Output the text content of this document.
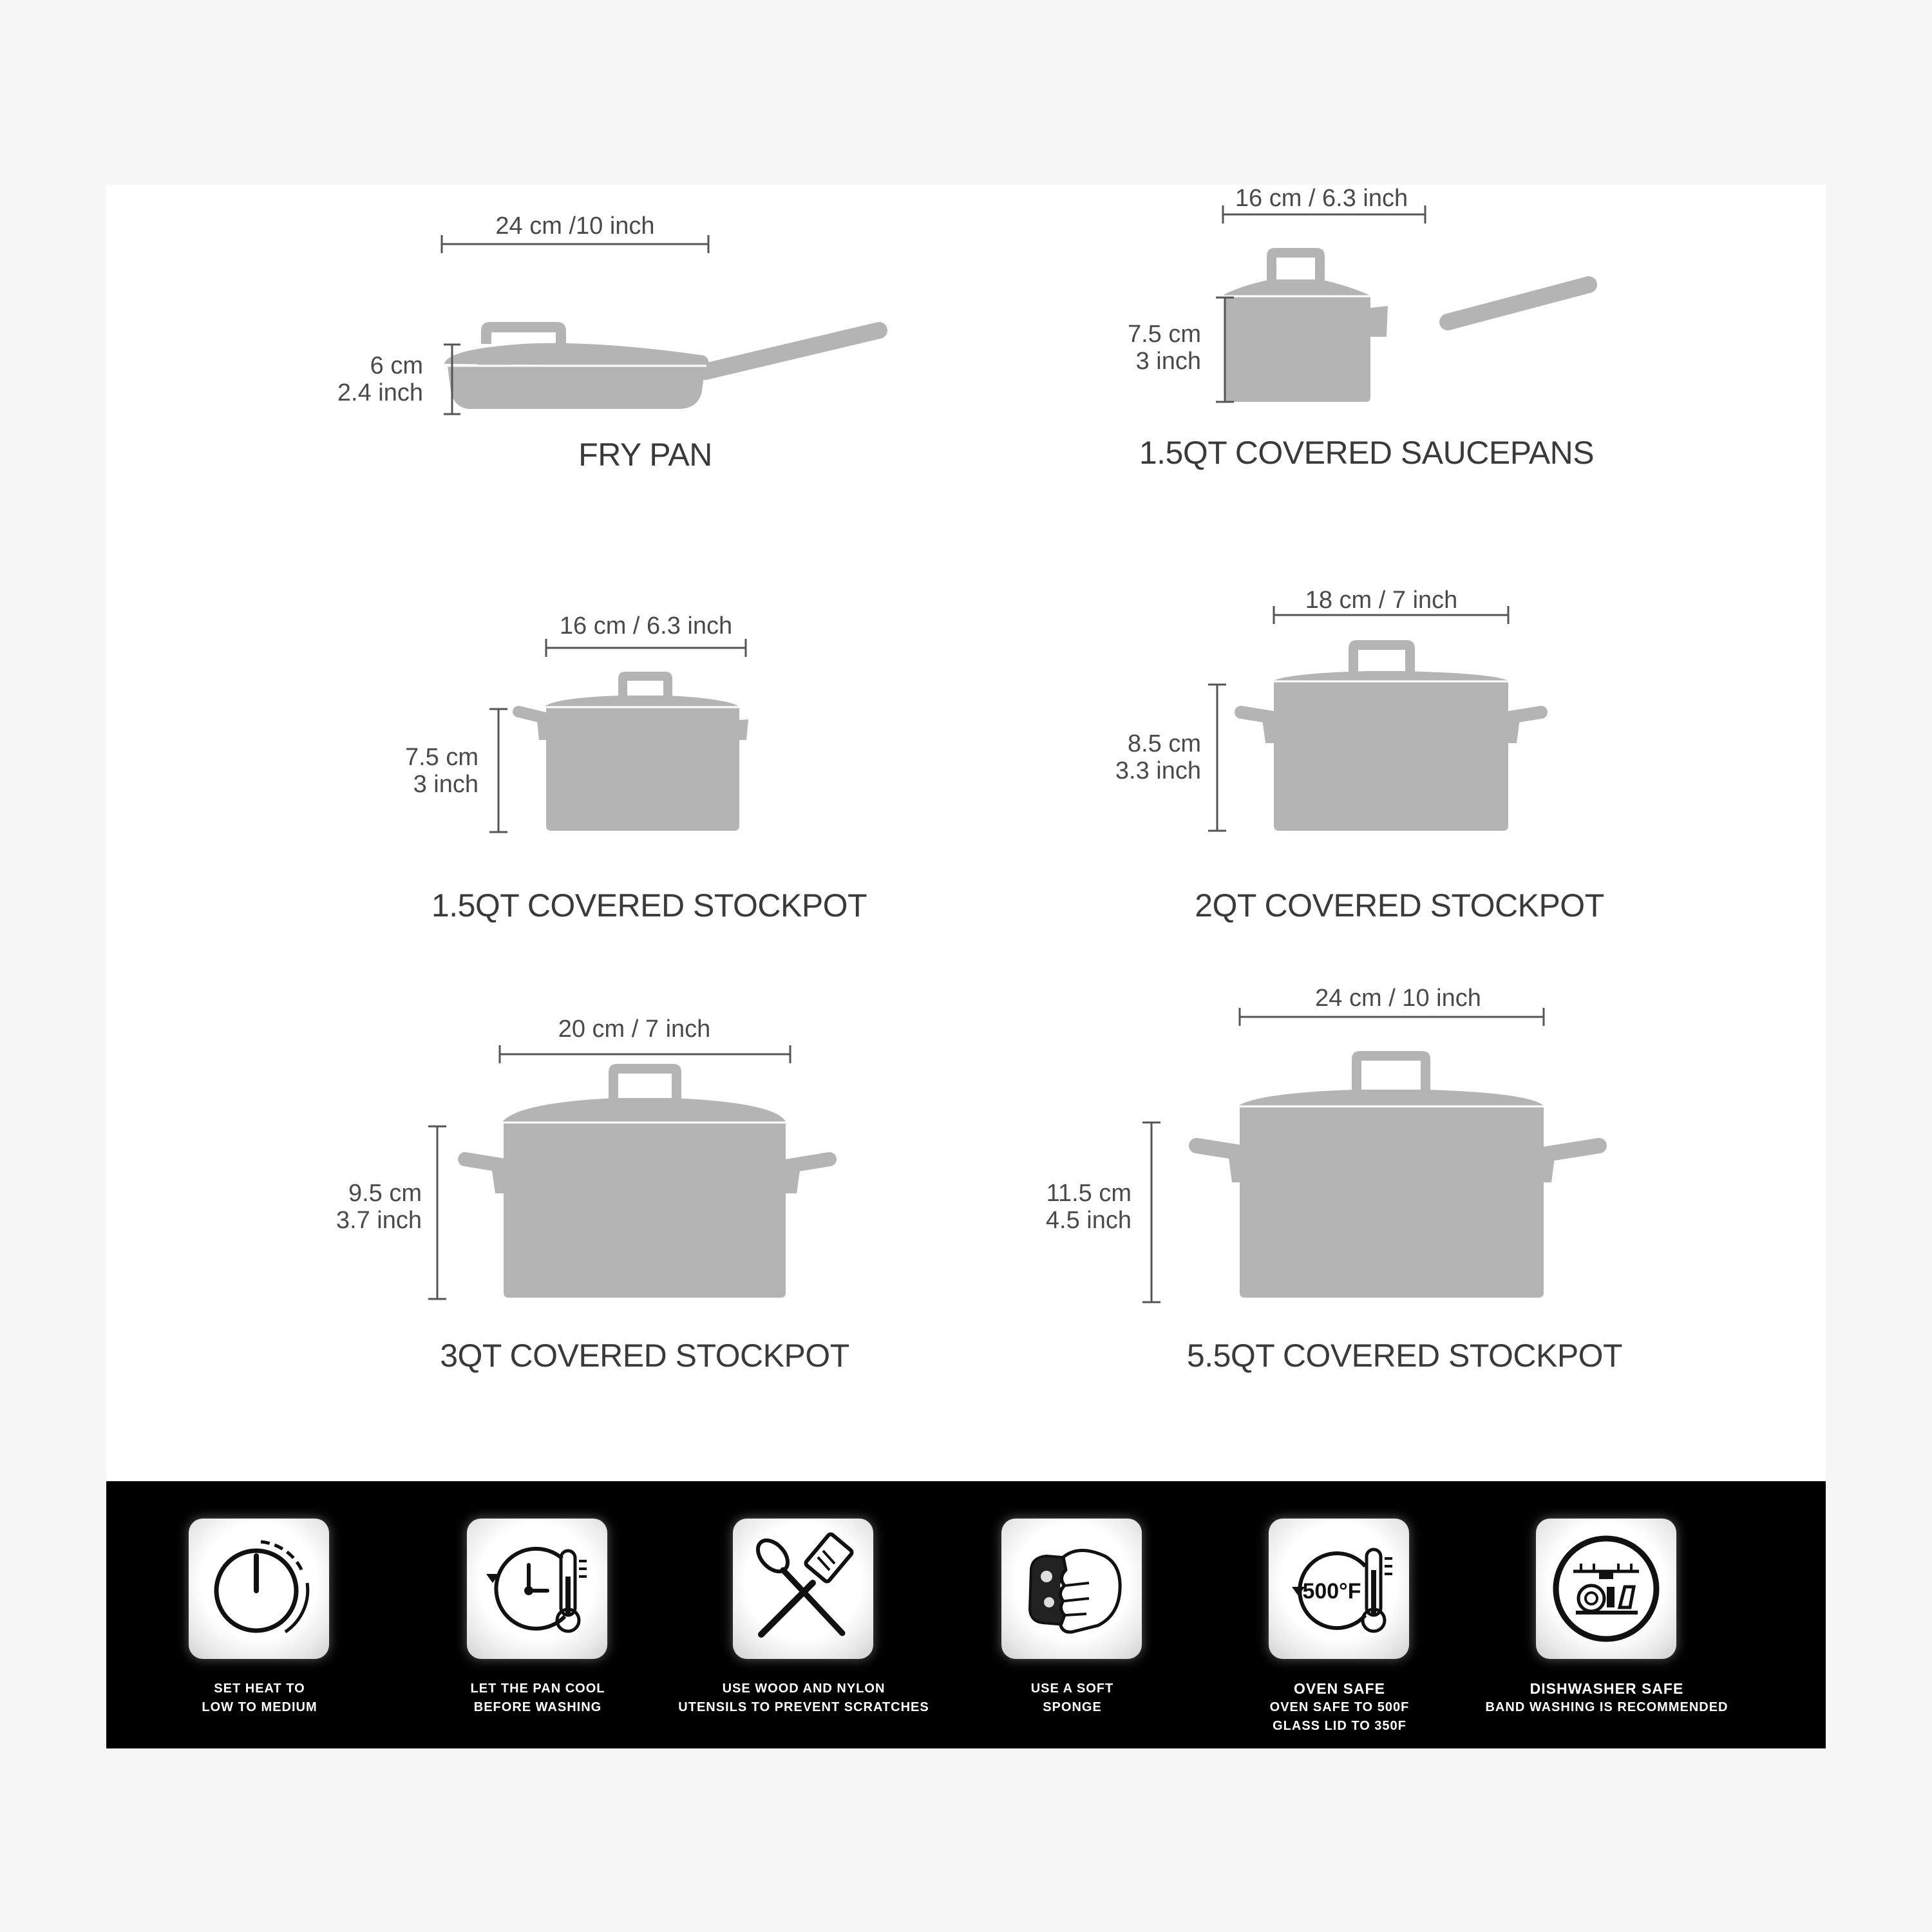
24 cm /10 inch
6 cm
2.4 inch
FRY PAN
16 cm / 6.3 inch
7.5 cm
3 inch
1.5QT COVERED SAUCEPANS
16 cm / 6.3 inch
7.5 cm
3 inch
1.5QT COVERED STOCKPOT
18 cm / 7 inch
8.5 cm
3.3 inch
2QT COVERED STOCKPOT
20 cm / 7 inch
9.5 cm
3.7 inch
3QT COVERED STOCKPOT
24 cm / 10 inch
11.5 cm
4.5 inch
5.5QT COVERED STOCKPOT
SET HEAT TO
LOW TO MEDIUM
LET THE PAN COOL
BEFORE WASHING
USE WOOD AND NYLON
UTENSILS TO PREVENT SCRATCHES
USE A SOFT
SPONGE
500°F
OVEN SAFE
OVEN SAFE TO 500F
GLASS LID TO 350F
DISHWASHER SAFE
BAND WASHING IS RECOMMENDED
